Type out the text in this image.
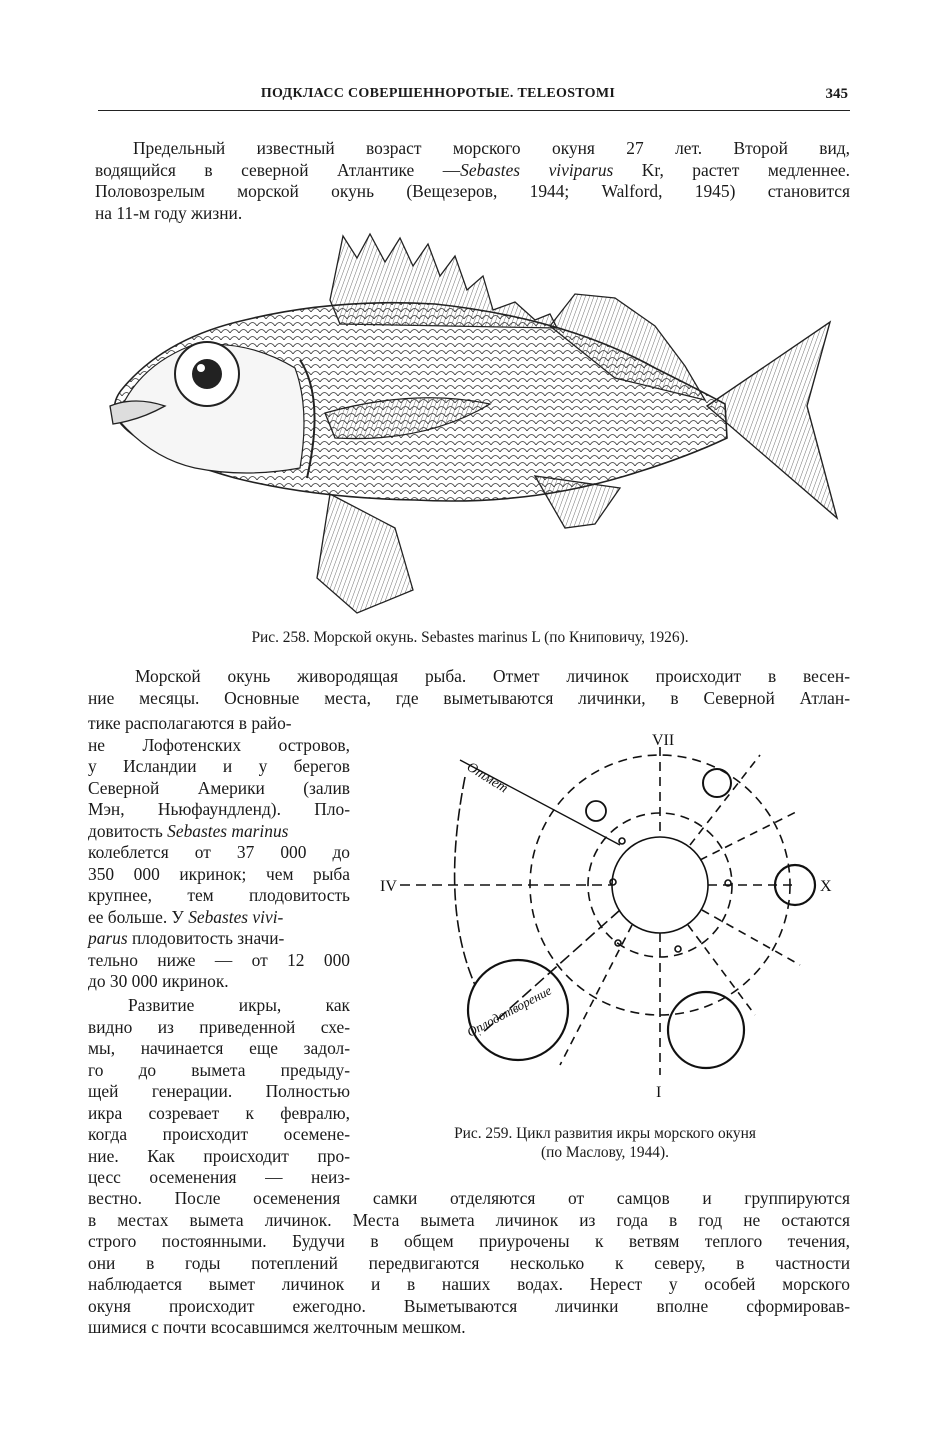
ПОДКЛАСС СОВЕРШЕННОРОТЫЕ. TELEOSTOMI	345
Предельный известный возраст морского окуня 27 лет. Второй вид,
водящийся в северной Атлантике —Sebastes viviparus Kr, растет медленнее.
Половозрелым морской окунь (Вещезеров, 1944; Walford, 1945) становится
на 11-м году жизни.
Рис. 258. Морской окунь. Sebastes marinus L (по Книповичу, 1926).
Морской окунь живородящая рыба. Отмет личинок происходит в весен-
ние месяцы. Основные места, где выметываются личинки, в Северной Атлан-
тике располагаются в райо-
не Лофотенских островов,
у Исландии и у берегов
Северной Америки (залив
Мэн, Ньюфаундленд). Пло-
довитость Sebastes marinus
колеблется от 37 000 до
350 000 икринок; чем рыба
крупнее, тем плодовитость
ее больше. У Sebastes vivi-
parus плодовитость значи-
тельно ниже — от 12 000
до 30 000 икринок.
Развитие икры, как
видно из приведенной схе-
мы, начинается еще задол-
го до вымета предыду-
щей генерации. Полностью
икра созревает к февралю,
когда происходит осемене-
ние. Как происходит про-
цесс осеменения — неиз-
VII
IV	X
I
Отмет
Оплодотворение
Рис. 259. Цикл развития икры морского окуня
(по Маслову, 1944).
вестно. После осеменения самки отделяются от самцов и группируются
в местах вымета личинок. Места вымета личинок из года в год не остаются
строго постоянными. Будучи в общем приурочены к ветвям теплого течения,
они в годы потеплений передвигаются несколько к северу, в частности
наблюдается вымет личинок и в наших водах. Нерест у особей морского
окуня происходит ежегодно. Выметываются личинки вполне сформировав-
шимися с почти всосавшимся желточным мешком.
